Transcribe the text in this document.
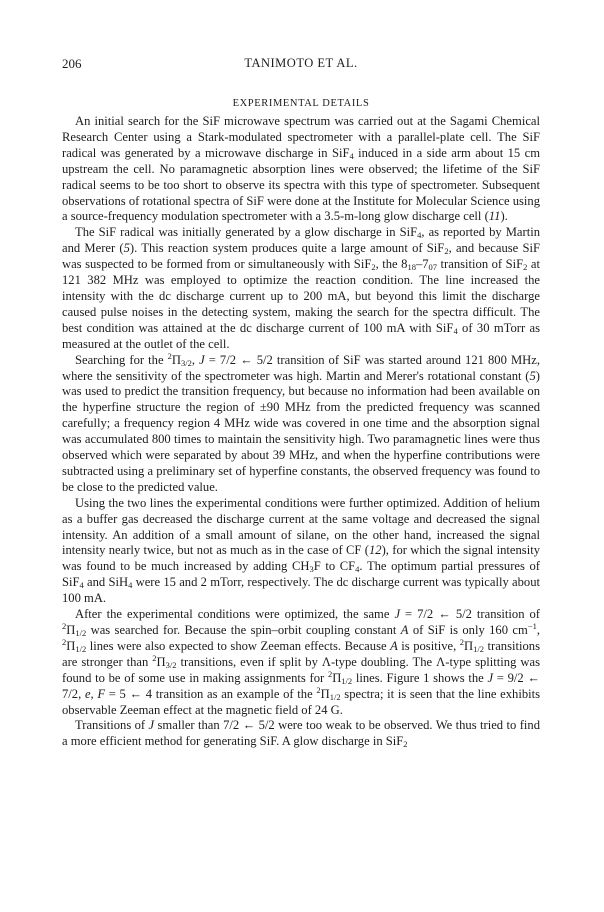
206	TANIMOTO ET AL.
EXPERIMENTAL DETAILS

An initial search for the SiF microwave spectrum was carried out at the Sagami Chemical Research Center using a Stark-modulated spectrometer with a parallel-plate cell. The SiF radical was generated by a microwave discharge in SiF$_4$ induced in a side arm about 15 cm upstream the cell. No paramagnetic absorption lines were observed; the lifetime of the SiF radical seems to be too short to observe its spectra with this type of spectrometer. Subsequent observations of rotational spectra of SiF were done at the Institute for Molecular Science using a source-frequency modulation spectrometer with a 3.5-m-long glow discharge cell (11).

The SiF radical was initially generated by a glow discharge in SiF$_4$, as reported by Martin and Merer (5). This reaction system produces quite a large amount of SiF$_2$, and because SiF was suspected to be formed from or simultaneously with SiF$_2$, the $8_{18}-7_{07}$ transition of SiF$_2$ at 121 382 MHz was employed to optimize the reaction condition. The line increased the intensity with the dc discharge current up to 200 mA, but beyond this limit the discharge caused pulse noises in the detecting system, making the search for the spectra difficult. The best condition was attained at the dc discharge current of 100 mA with SiF$_4$ of 30 mTorr as measured at the outlet of the cell.

Searching for the $^2\Pi_{3/2}$, J = 7/2 ← 5/2 transition of SiF was started around 121 800 MHz, where the sensitivity of the spectrometer was high. Martin and Merer's rotational constant (5) was used to predict the transition frequency, but because no information had been available on the hyperfine structure the region of ±90 MHz from the predicted frequency was scanned carefully; a frequency region 4 MHz wide was covered in one time and the absorption signal was accumulated 800 times to maintain the sensitivity high. Two paramagnetic lines were thus observed which were separated by about 39 MHz, and when the hyperfine contributions were subtracted using a preliminary set of hyperfine constants, the observed frequency was found to be close to the predicted value.

Using the two lines the experimental conditions were further optimized. Addition of helium as a buffer gas decreased the discharge current at the same voltage and decreased the signal intensity. An addition of a small amount of silane, on the other hand, increased the signal intensity nearly twice, but not as much as in the case of CF (12), for which the signal intensity was found to be much increased by adding $CH_3F$ to $CF_4$. The optimum partial pressures of SiF$_4$ and SiH$_4$ were 15 and 2 mTorr, respectively. The dc discharge current was typically about 100 mA.

After the experimental conditions were optimized, the same J = 7/2 ← 5/2 transition of $^2\Pi_{1/2}$ was searched for. Because the spin–orbit coupling constant A of SiF is only 160 $cm^{-1}$, $^2\Pi_{1/2}$ lines were also expected to show Zeeman effects. Because A is positive, $^2\Pi_{1/2}$ transitions are stronger than $^2\Pi_{3/2}$ transitions, even if split by Λ-type doubling. The Λ-type splitting was found to be of some use in making assignments for $^2\Pi_{1/2}$ lines. Figure 1 shows the J = 9/2 ← 7/2, e, F = 5 ← 4 transition as an example of the $^2\Pi_{1/2}$ spectra; it is seen that the line exhibits observable Zeeman effect at the magnetic field of 24 G.

Transitions of J smaller than 7/2 ← 5/2 were too weak to be observed. We thus tried to find a more efficient method for generating SiF. A glow discharge in SiF$_2$
